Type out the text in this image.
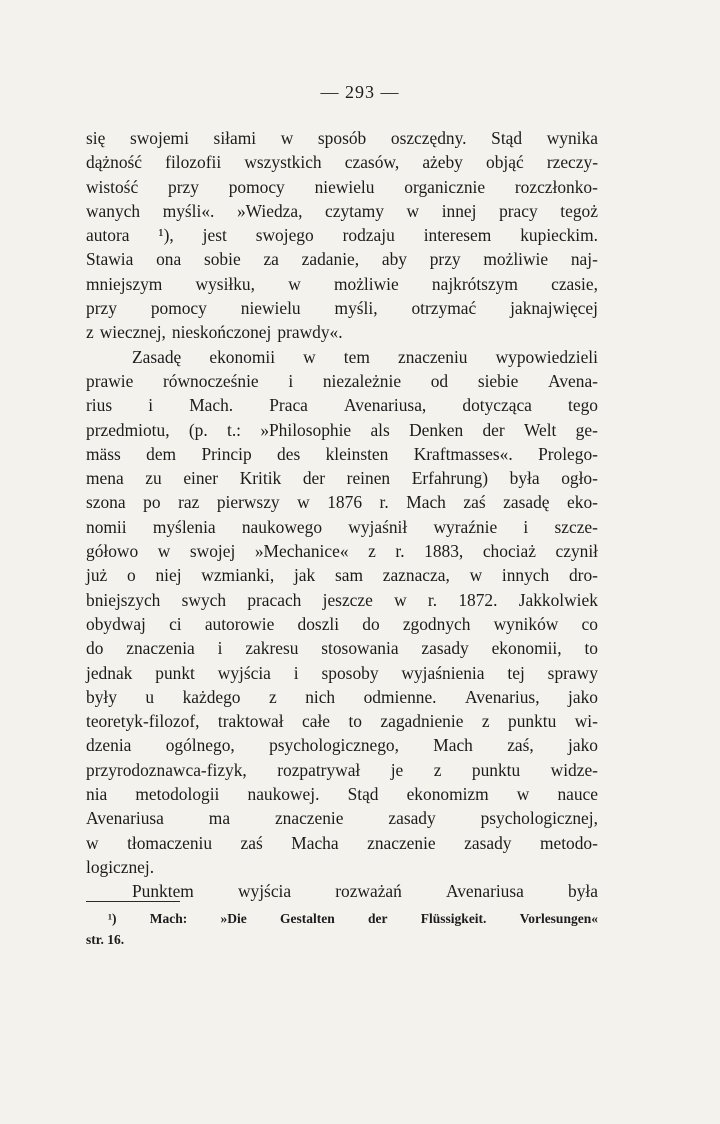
— 293 —
się swojemi siłami w sposób oszczędny. Stąd wynika
dążność filozofii wszystkich czasów, ażeby objąć rzeczy-
wistość przy pomocy niewielu organicznie rozczłonko-
wanych myśli«. »Wiedza, czytamy w innej pracy tegoż
autora ¹), jest swojego rodzaju interesem kupieckim.
Stawia ona sobie za zadanie, aby przy możliwie naj-
mniejszym wysiłku, w możliwie najkrótszym czasie,
przy pomocy niewielu myśli, otrzymać jaknajwięcej
z wiecznej, nieskończonej prawdy«.
Zasadę ekonomii w tem znaczeniu wypowiedzieli
prawie równocześnie i niezależnie od siebie Avena-
rius i Mach. Praca Avenariusa, dotycząca tego
przedmiotu, (p. t.: »Philosophie als Denken der Welt ge-
mäss dem Princip des kleinsten Kraftmasses«. Prolego-
mena zu einer Kritik der reinen Erfahrung) była ogło-
szona po raz pierwszy w 1876 r. Mach zaś zasadę eko-
nomii myślenia naukowego wyjaśnił wyraźnie i szcze-
gółowo w swojej »Mechanice« z r. 1883, chociaż czynił
już o niej wzmianki, jak sam zaznacza, w innych dro-
bniejszych swych pracach jeszcze w r. 1872. Jakkolwiek
obydwaj ci autorowie doszli do zgodnych wyników co
do znaczenia i zakresu stosowania zasady ekonomii, to
jednak punkt wyjścia i sposoby wyjaśnienia tej sprawy
były u każdego z nich odmienne. Avenarius, jako
teoretyk-filozof, traktował całe to zagadnienie z punktu wi-
dzenia ogólnego, psychologicznego, Mach zaś, jako
przyrodoznawca-fizyk, rozpatrywał je z punktu widze-
nia metodologii naukowej. Stąd ekonomizm w nauce
Avenariusa	ma	znaczenie	zasady	psychologicznej,
w tłomaczeniu zaś Macha znaczenie zasady metodo-
logicznej.
Punktem	wyjścia	rozważań	Avenariusa	była
¹) Mach: »Die Gestalten der Flüssigkeit. Vorlesungen«
str. 16.
